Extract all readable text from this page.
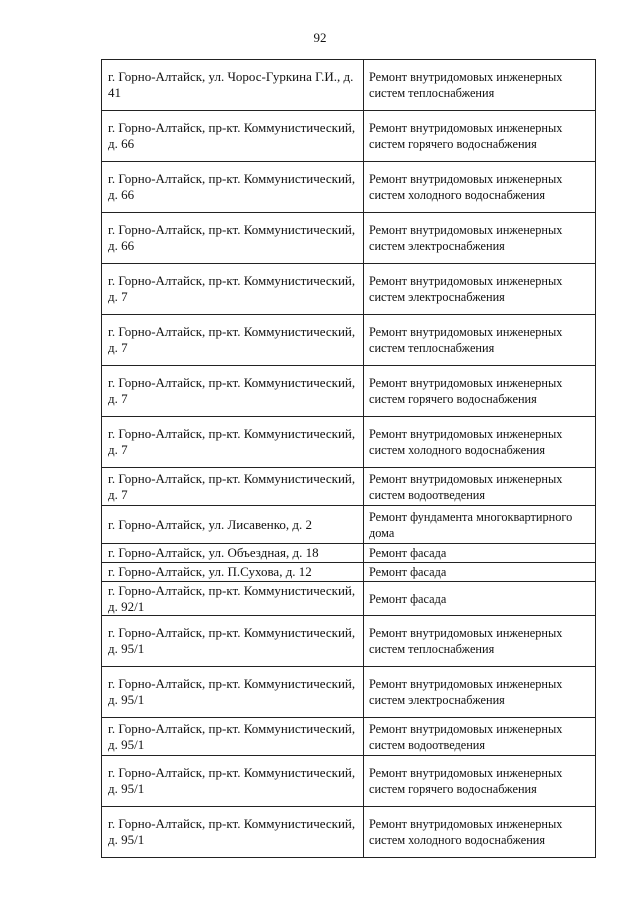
92
г. Горно-Алтайск, ул. Чорос-Гуркина Г.И., д. 41	Ремонт внутридомовых инженерных систем теплоснабжения
г. Горно-Алтайск, пр-кт. Коммунистический, д. 66	Ремонт внутридомовых инженерных систем горячего водоснабжения
г. Горно-Алтайск, пр-кт. Коммунистический, д. 66	Ремонт внутридомовых инженерных систем холодного водоснабжения
г. Горно-Алтайск, пр-кт. Коммунистический, д. 66	Ремонт внутридомовых инженерных систем электроснабжения
г. Горно-Алтайск, пр-кт. Коммунистический, д. 7	Ремонт внутридомовых инженерных систем электроснабжения
г. Горно-Алтайск, пр-кт. Коммунистический, д. 7	Ремонт внутридомовых инженерных систем теплоснабжения
г. Горно-Алтайск, пр-кт. Коммунистический, д. 7	Ремонт внутридомовых инженерных систем горячего водоснабжения
г. Горно-Алтайск, пр-кт. Коммунистический, д. 7	Ремонт внутридомовых инженерных систем холодного водоснабжения
г. Горно-Алтайск, пр-кт. Коммунистический, д. 7	Ремонт внутридомовых инженерных систем водоотведения
г. Горно-Алтайск, ул. Лисавенко, д. 2	Ремонт фундамента многоквартирного дома
г. Горно-Алтайск, ул. Объездная, д. 18	Ремонт фасада
г. Горно-Алтайск, ул. П.Сухова, д. 12	Ремонт фасада
г. Горно-Алтайск, пр-кт. Коммунистический, д. 92/1	Ремонт фасада
г. Горно-Алтайск, пр-кт. Коммунистический, д. 95/1	Ремонт внутридомовых инженерных систем теплоснабжения
г. Горно-Алтайск, пр-кт. Коммунистический, д. 95/1	Ремонт внутридомовых инженерных систем электроснабжения
г. Горно-Алтайск, пр-кт. Коммунистический, д. 95/1	Ремонт внутридомовых инженерных систем водоотведения
г. Горно-Алтайск, пр-кт. Коммунистический, д. 95/1	Ремонт внутридомовых инженерных систем горячего водоснабжения
г. Горно-Алтайск, пр-кт. Коммунистический, д. 95/1	Ремонт внутридомовых инженерных систем холодного водоснабжения
